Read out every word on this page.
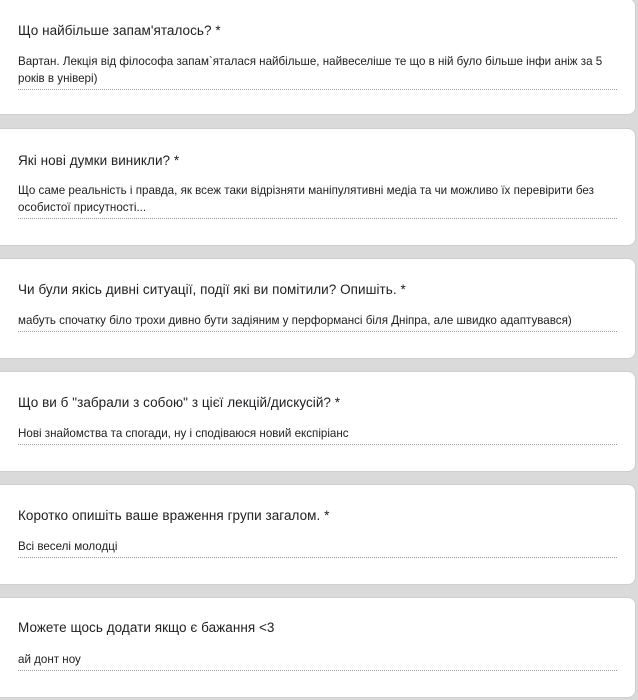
Що найбільше запам'яталось? *
Вартан. Лекція від філософа запам`яталася найбільше, найвеселіше те що в ній було більше інфи аніж за 5 років в універі)
Які нові думки виникли? *
Що саме реальність і правда, як всеж таки відрізняти маніпулятивні медіа та чи можливо їх перевірити без особистої присутності...
Чи були якісь дивні ситуації, події які ви помітили? Опишіть. *
мабуть спочатку біло трохи дивно бути задіяним у перформансі біля Дніпра, але швидко адаптувався)
Що ви б "забрали з собою" з цієї лекцій/дискусій? *
Нові знайомства та спогади, ну і сподіваюся новий експіріанс
Коротко опишіть ваше враження групи загалом. *
Всі веселі молодці
Можете щось додати якщо є бажання <3
ай донт ноу
